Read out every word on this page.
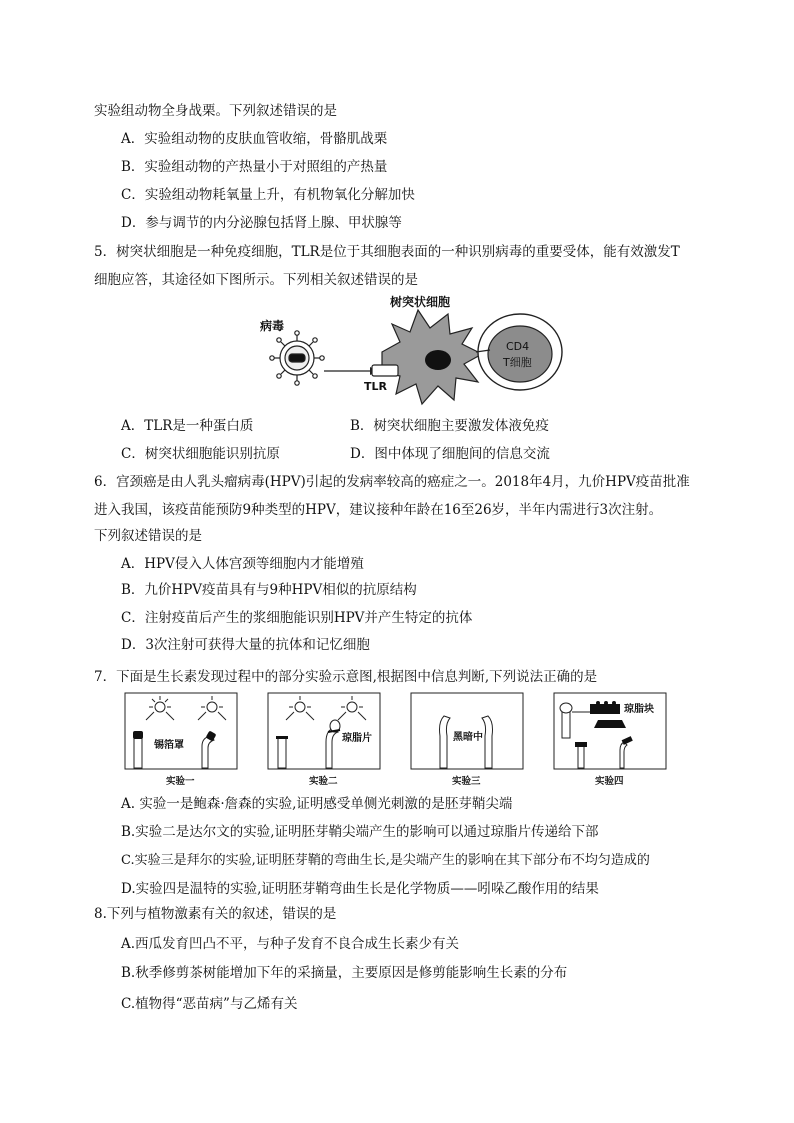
实验组动物全身战栗。下列叙述错误的是
A．实验组动物的皮肤血管收缩，骨骼肌战栗
B．实验组动物的产热量小于对照组的产热量
C．实验组动物耗氧量上升，有机物氧化分解加快
D．参与调节的内分泌腺包括肾上腺、甲状腺等
5．树突状细胞是一种免疫细胞，TLR是位于其细胞表面的一种识别病毒的重要受体，能有效激发T
细胞应答，其途径如下图所示。下列相关叙述错误的是
病毒
树突状细胞
TLR
CD4
T细胞
A．TLR是一种蛋白质	B．树突状细胞主要激发体液免疫
C．树突状细胞能识别抗原	D．图中体现了细胞间的信息交流
6．宫颈癌是由人乳头瘤病毒(HPV)引起的发病率较高的癌症之一。2018年4月，九价HPV疫苗批准
进入我国，该疫苗能预防9种类型的HPV，建议接种年龄在16至26岁，半年内需进行3次注射。
下列叙述错误的是
A．HPV侵入人体宫颈等细胞内才能增殖
B．九价HPV疫苗具有与9种HPV相似的抗原结构
C．注射疫苗后产生的浆细胞能识别HPV并产生特定的抗体
D．3次注射可获得大量的抗体和记忆细胞
7．下面是生长素发现过程中的部分实验示意图,根据图中信息判断,下列说法正确的是
锡箔罩
实验一
琼脂片
实验二
黑暗中
实验三
琼脂块
实验四
A. 实验一是鲍森·詹森的实验,证明感受单侧光刺激的是胚芽鞘尖端
B.实验二是达尔文的实验,证明胚芽鞘尖端产生的影响可以通过琼脂片传递给下部
C.实验三是拜尔的实验,证明胚芽鞘的弯曲生长,是尖端产生的影响在其下部分布不均匀造成的
D.实验四是温特的实验,证明胚芽鞘弯曲生长是化学物质——吲哚乙酸作用的结果
8.下列与植物激素有关的叙述，错误的是
A.西瓜发育凹凸不平，与种子发育不良合成生长素少有关
B.秋季修剪茶树能增加下年的采摘量，主要原因是修剪能影响生长素的分布
C.植物得“恶苗病”与乙烯有关
